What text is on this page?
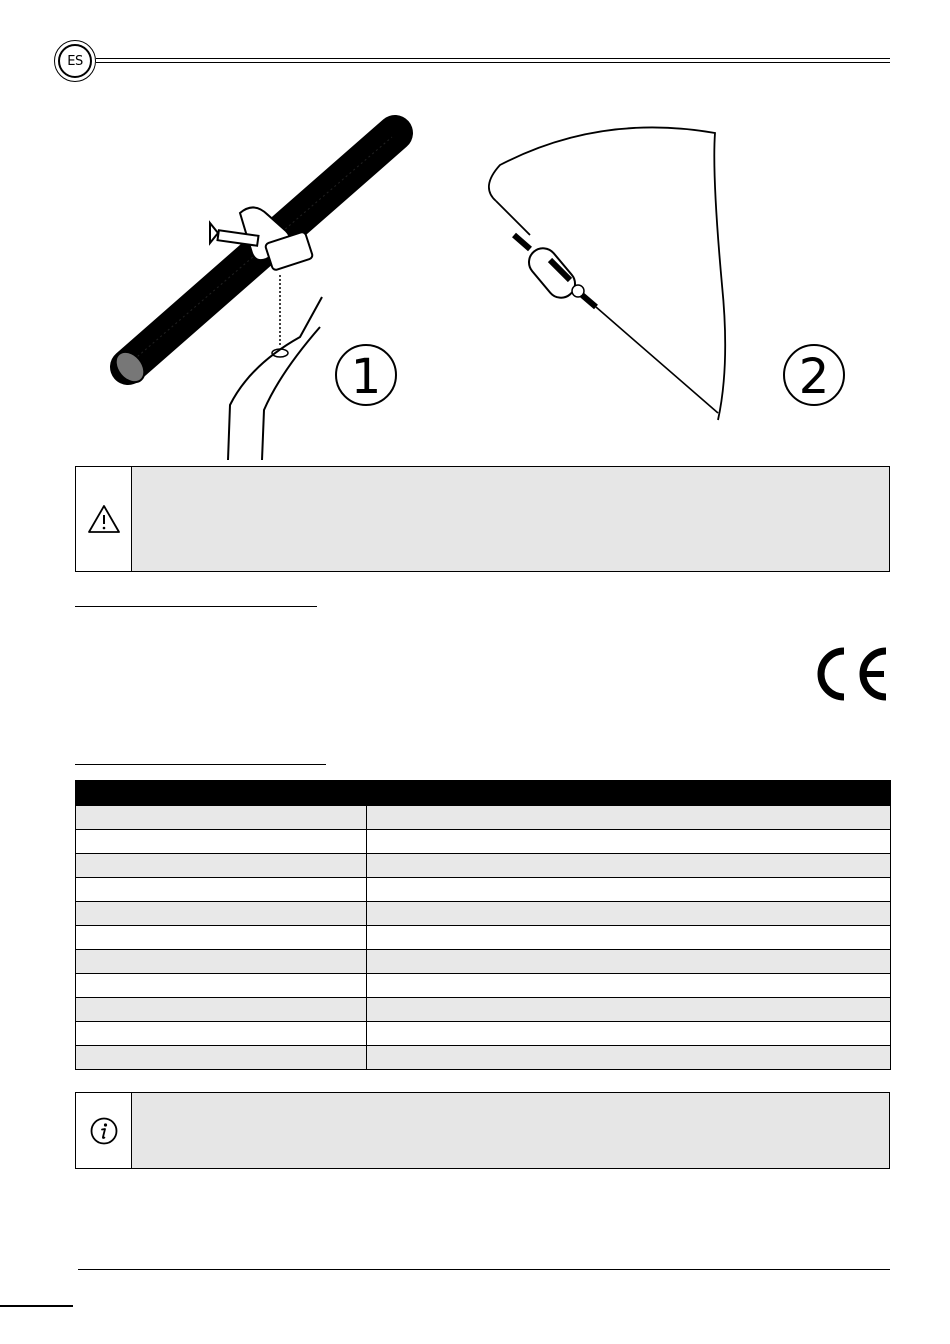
ES
1	2
